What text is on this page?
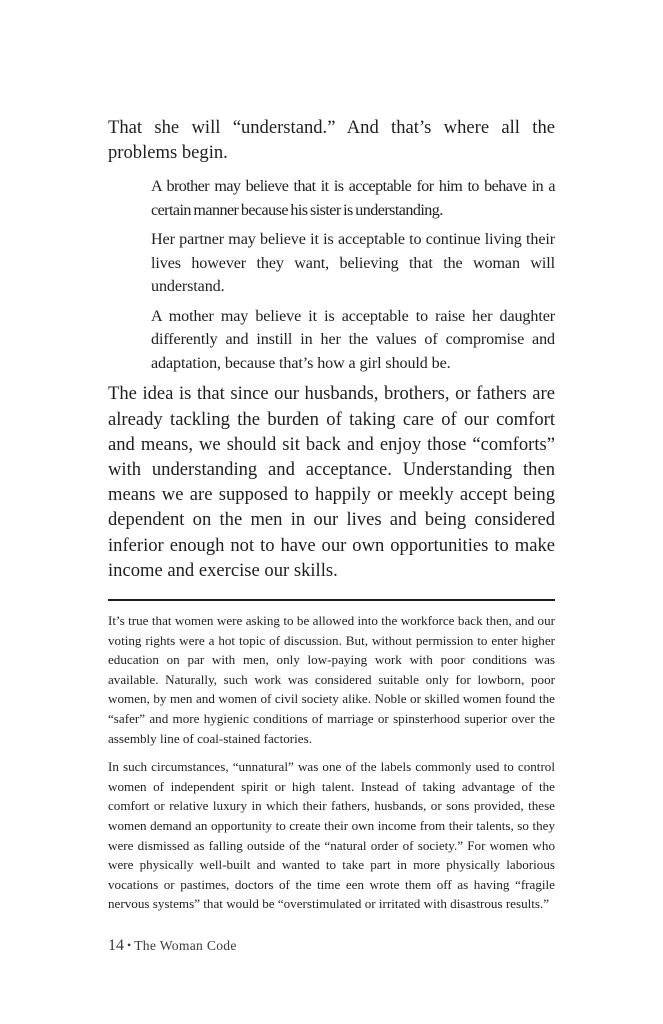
That she will “understand.” And that’s where all the problems begin.

A brother may believe that it is acceptable for him to behave in a certain manner because his sister is understanding.

Her partner may believe it is acceptable to continue living their lives however they want, believing that the woman will understand.

A mother may believe it is acceptable to raise her daughter differently and instill in her the values of compromise and adaptation, because that’s how a girl should be.

The idea is that since our husbands, brothers, or fathers are already tackling the burden of taking care of our comfort and means, we should sit back and enjoy those “comforts” with understanding and acceptance. Understanding then means we are supposed to happily or meekly accept being dependent on the men in our lives and being considered inferior enough not to have our own opportunities to make income and exercise our skills.

It’s true that women were asking to be allowed into the workforce back then, and our voting rights were a hot topic of discussion. But, without permission to enter higher education on par with men, only low-paying work with poor conditions was available. Naturally, such work was considered suitable only for lowborn, poor women, by men and women of civil society alike. Noble or skilled women found the “safer” and more hygienic conditions of marriage or spinsterhood superior over the assembly line of coal-stained factories.

In such circumstances, “unnatural” was one of the labels commonly used to control women of independent spirit or high talent. Instead of taking advantage of the comfort or relative luxury in which their fathers, husbands, or sons provided, these women demand an opportunity to create their own income from their talents, so they were dismissed as falling outside of the “natural order of society.” For women who were physically well-built and wanted to take part in more physically laborious vocations or pastimes, doctors of the time een wrote them off as having “fragile nervous systems” that would be “overstimulated or irritated with disastrous results.”

14 • The Woman Code
